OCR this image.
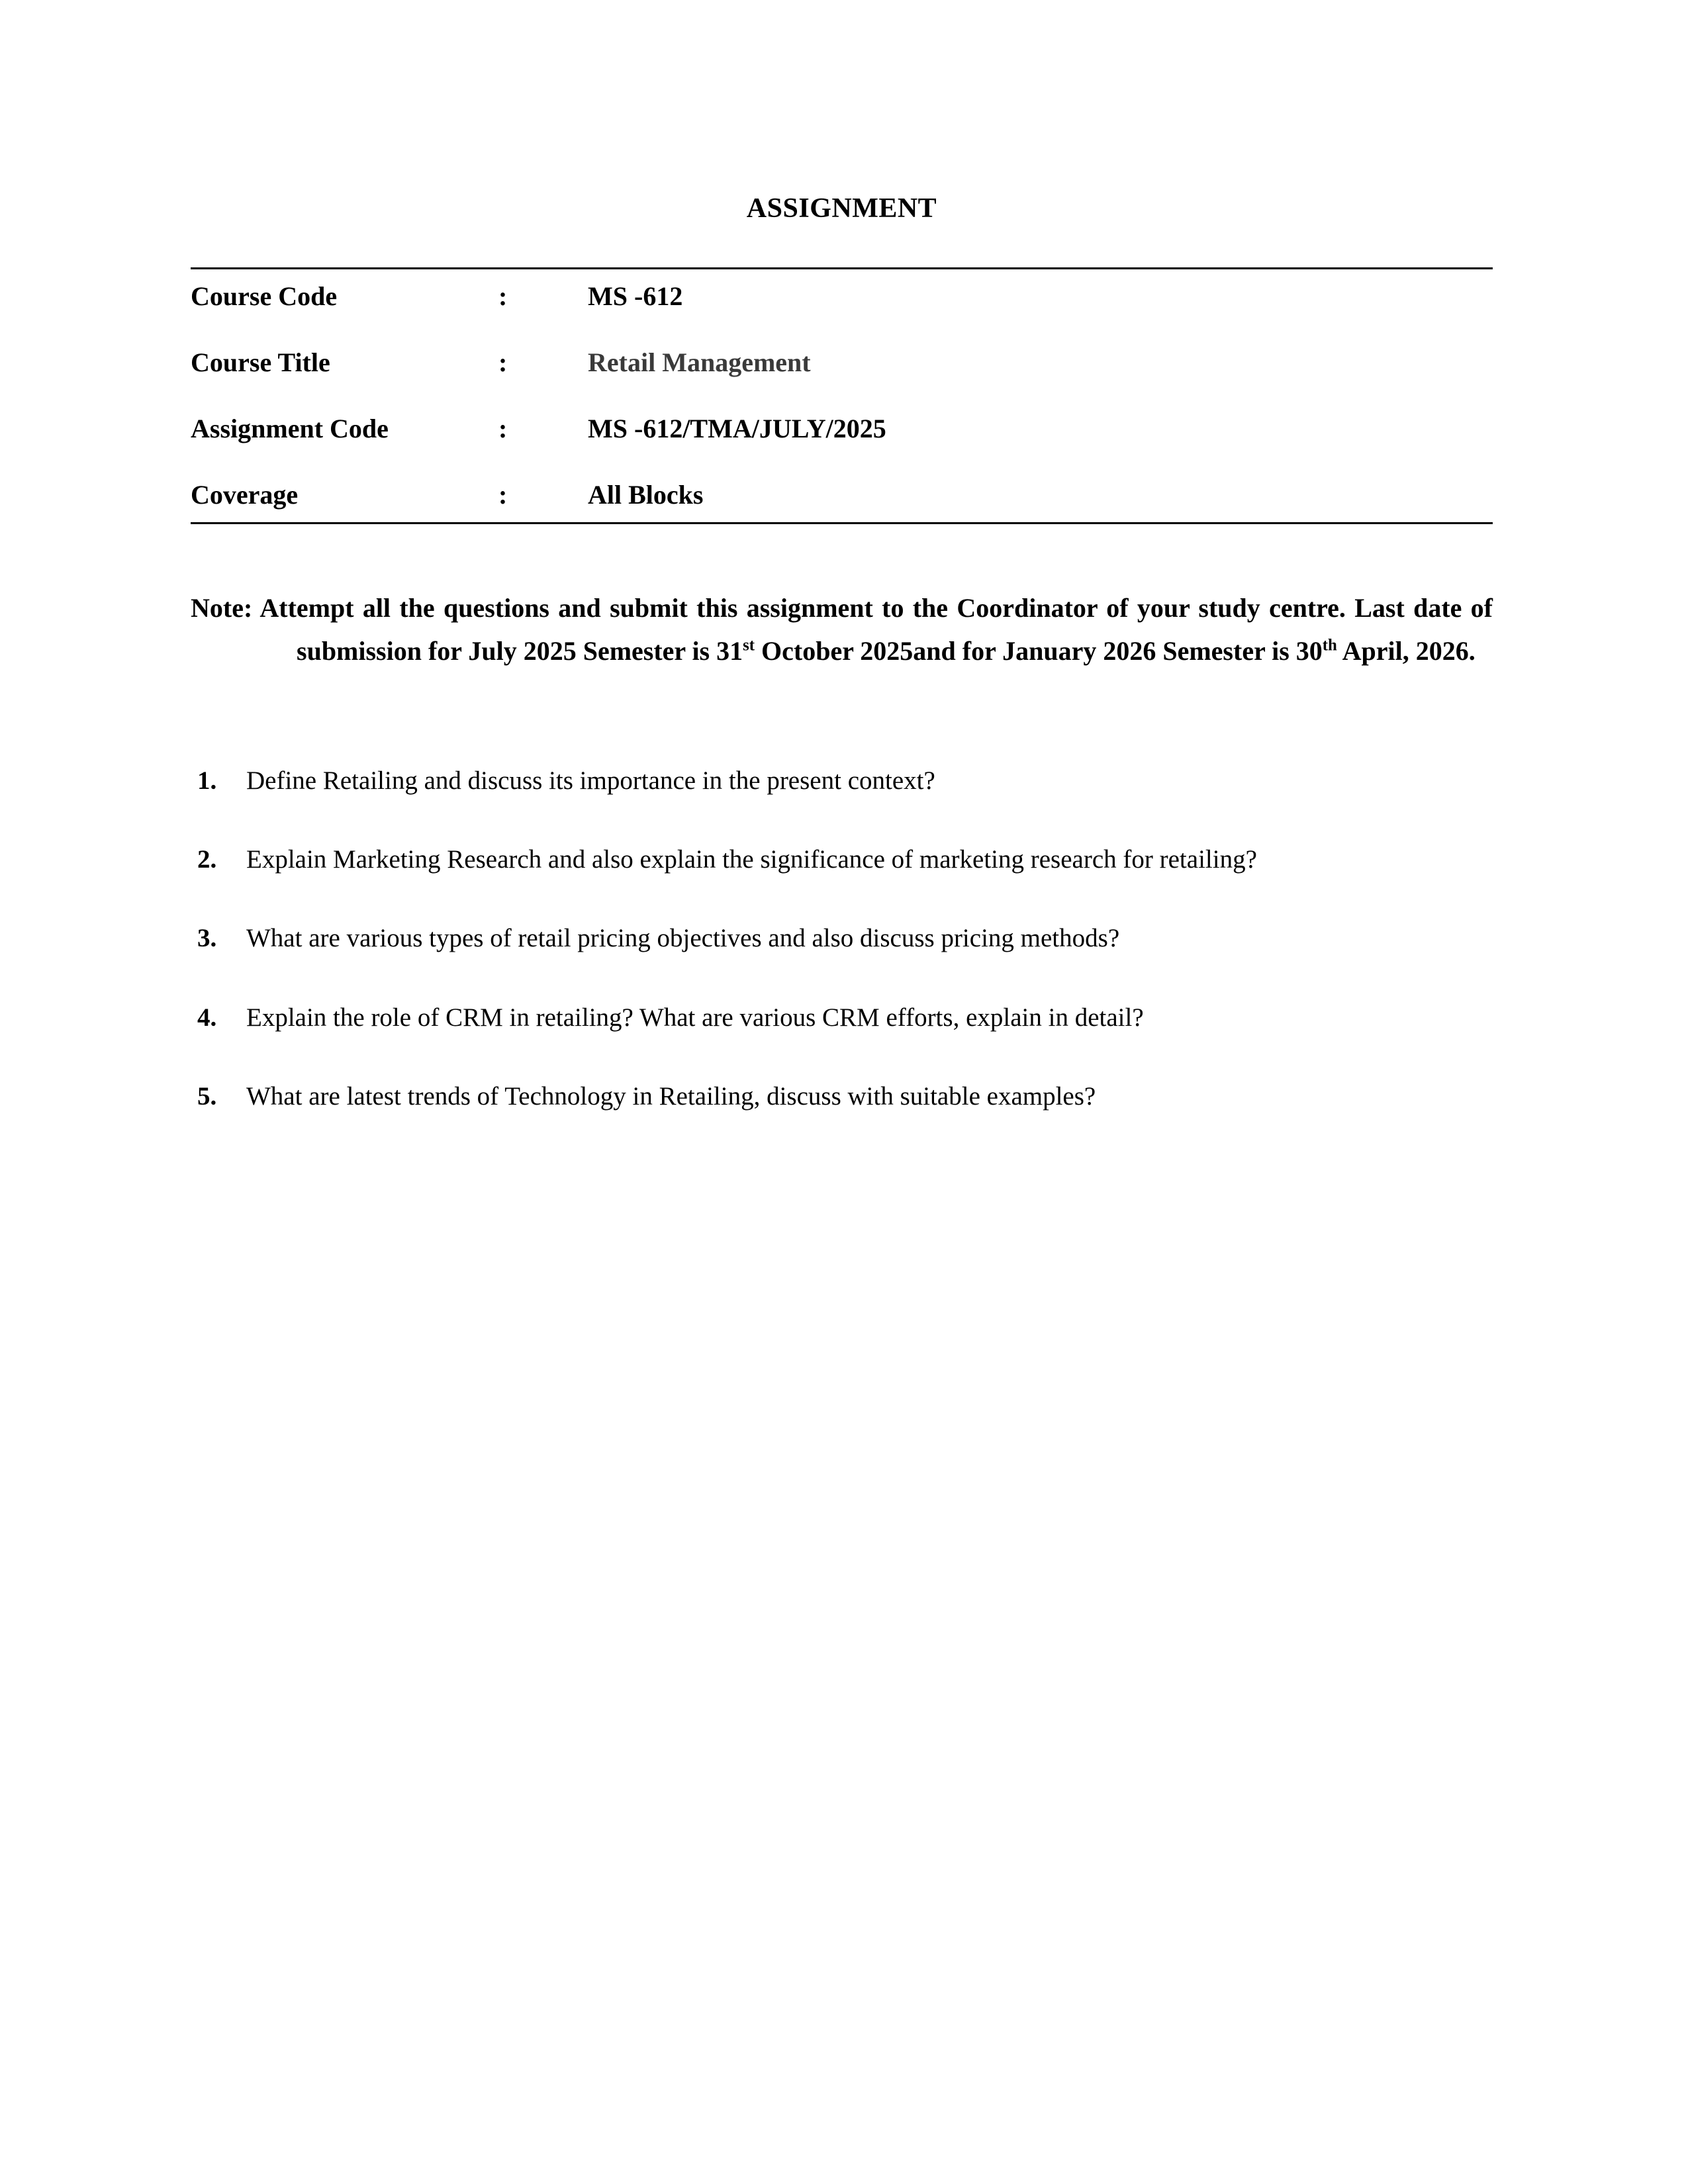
ASSIGNMENT
Course Code	:	MS -612
Course Title	:	Retail Management
Assignment Code	:	MS -612/TMA/JULY/2025
Coverage	:	All Blocks

Note: Attempt all the questions and submit this assignment to the Coordinator of your study centre. Last date of submission for July 2025 Semester is 31st October 2025and for January 2026 Semester is 30th April, 2026.

1. Define Retailing and discuss its importance in the present context?
2. Explain Marketing Research and also explain the significance of marketing research for retailing?
3. What are various types of retail pricing objectives and also discuss pricing methods?
4. Explain the role of CRM in retailing? What are various CRM efforts, explain in detail?
5. What are latest trends of Technology in Retailing, discuss with suitable examples?
